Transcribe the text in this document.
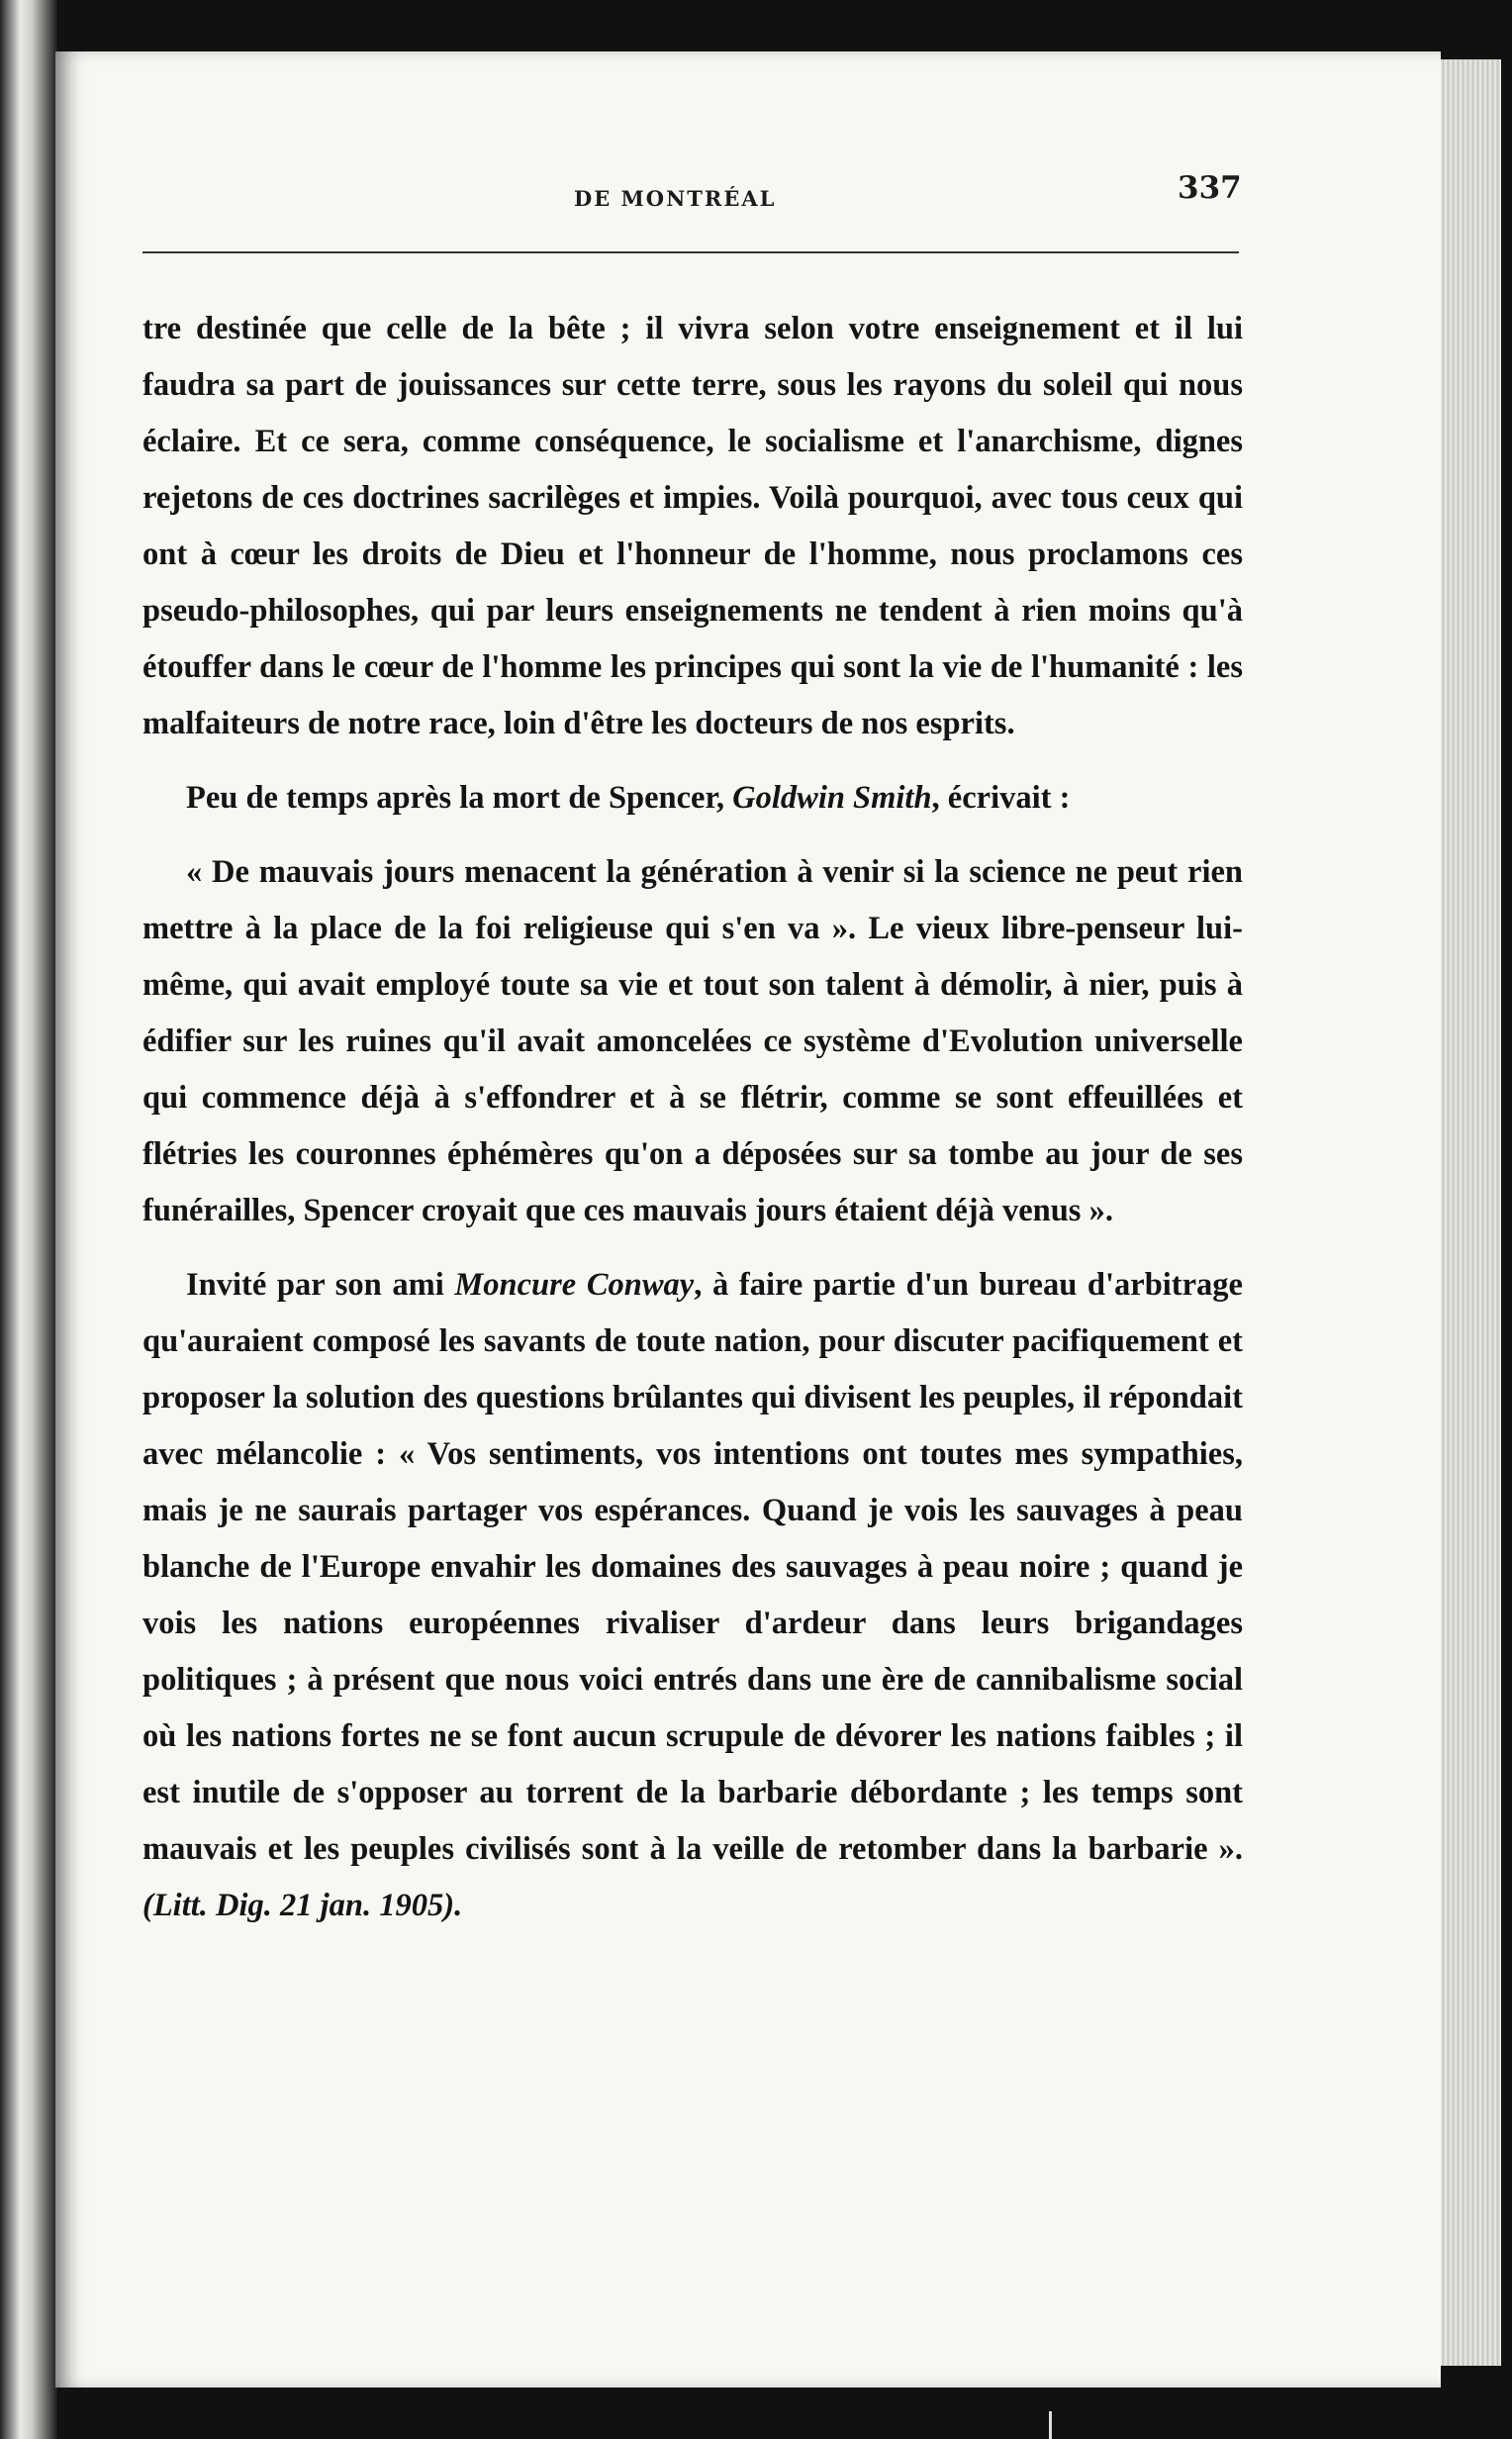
DE MONTRÉAL	337

tre destinée que celle de la bête ; il vivra selon votre enseignement et il lui faudra sa part de jouissances sur cette terre, sous les rayons du soleil qui nous éclaire. Et ce sera, comme conséquence, le socialisme et l'anarchisme, dignes rejetons de ces doctrines sacrilèges et impies. Voilà pourquoi, avec tous ceux qui ont à cœur les droits de Dieu et l'honneur de l'homme, nous proclamons ces pseudo-philosophes, qui par leurs enseignements ne tendent à rien moins qu'à étouffer dans le cœur de l'homme les principes qui sont la vie de l'humanité : les malfaiteurs de notre race, loin d'être les docteurs de nos esprits.

Peu de temps après la mort de Spencer, Goldwin Smith, écrivait :

« De mauvais jours menacent la génération à venir si la science ne peut rien mettre à la place de la foi religieuse qui s'en va ». Le vieux libre-penseur lui-même, qui avait employé toute sa vie et tout son talent à démolir, à nier, puis à édifier sur les ruines qu'il avait amoncelées ce système d'Evolution universelle qui commence déjà à s'effondrer et à se flétrir, comme se sont effeuillées et flétries les couronnes éphémères qu'on a déposées sur sa tombe au jour de ses funérailles, Spencer croyait que ces mauvais jours étaient déjà venus ».

Invité par son ami Moncure Conway, à faire partie d'un bureau d'arbitrage qu'auraient composé les savants de toute nation, pour discuter pacifiquement et proposer la solution des questions brûlantes qui divisent les peuples, il répondait avec mélancolie : « Vos sentiments, vos intentions ont toutes mes sympathies, mais je ne saurais partager vos espérances. Quand je vois les sauvages à peau blanche de l'Europe envahir les domaines des sauvages à peau noire ; quand je vois les nations européennes rivaliser d'ardeur dans leurs brigandages politiques ; à présent que nous voici entrés dans une ère de cannibalisme social où les nations fortes ne se font aucun scrupule de dévorer les nations faibles ; il est inutile de s'opposer au torrent de la barbarie débordante ; les temps sont mauvais et les peuples civilisés sont à la veille de retomber dans la barbarie ». (Litt. Dig. 21 jan. 1905).
